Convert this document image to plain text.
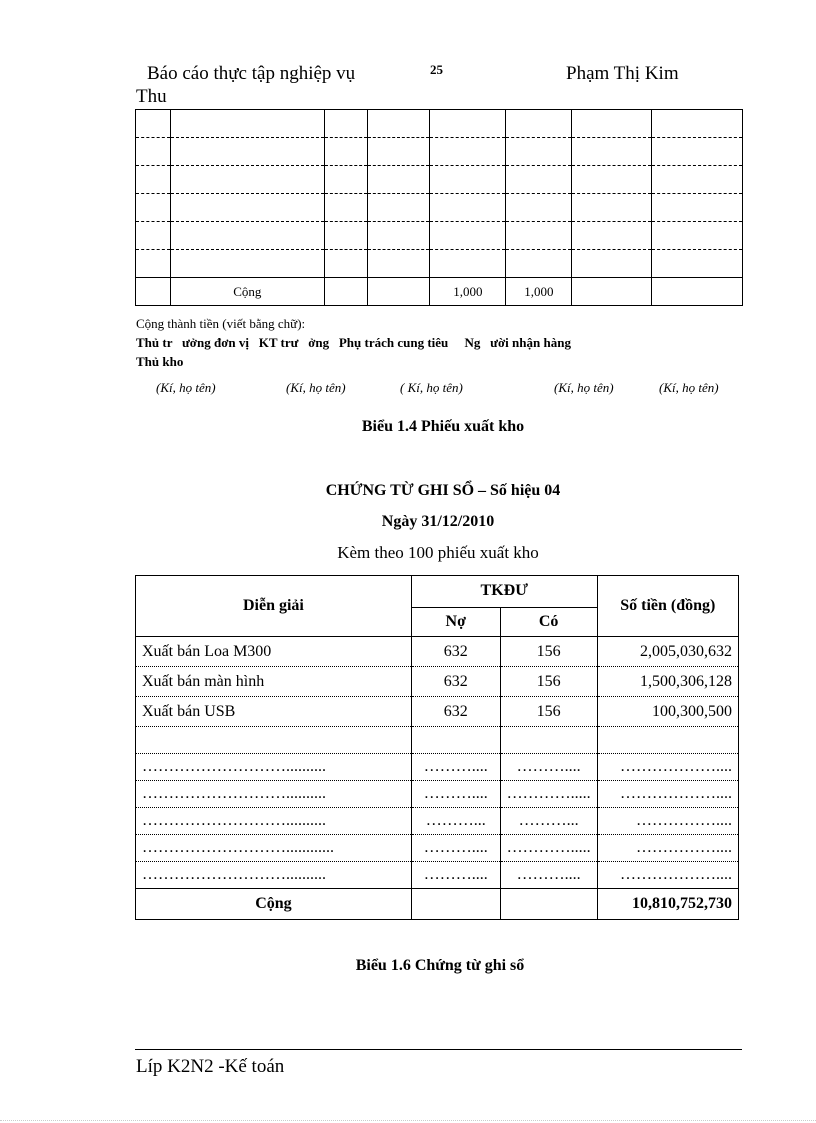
Báo cáo thực tập nghiệp vụ	25	Phạm Thị Kim
Thu

	Cộng			1,000	1,000		
Cộng thành tiền (viết bằng chữ):
Thủ tr   ưởng đơn vị   KT trư   ởng   Phụ trách cung tiêu     Ng   ười nhận hàng
Thủ kho
(Kí, họ tên)	(Kí, họ tên)	( Kí, họ tên)	(Kí, họ tên)	(Kí, họ tên)
Biểu 1.4 Phiếu xuất kho
CHỨNG TỪ GHI SỔ – Số hiệu 04
Ngày 31/12/2010
Kèm theo 100 phiếu xuất kho
Diễn giải	TKĐƯ		Số tiền (đồng)
	Nợ	Có	
Xuất bán Loa M300	632	156	2,005,030,632
Xuất bán màn hình	632	156	1,500,306,128
Xuất bán USB	632	156	100,300,500

………………………..........	………....	………....	………………....
………………………..........	………....	………….....	………………....
………………………..........	………...	………...	……………....
………………………............	………....	………….....	……………....
………………………..........	………....	………....	………………....
Cộng			10,810,752,730
Biểu 1.6 Chứng từ ghi sổ
Líp K2N2 -Kế toán
